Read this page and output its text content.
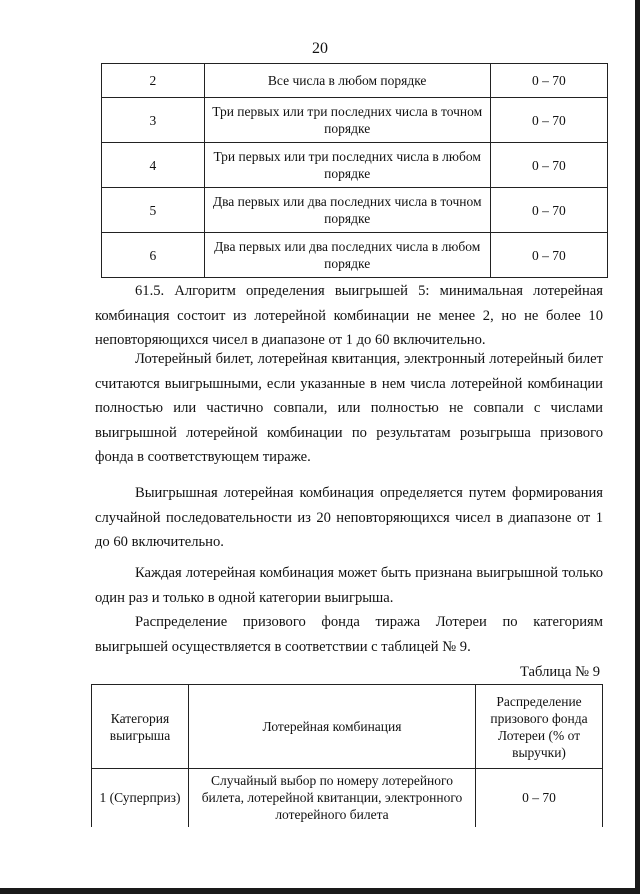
20
2	Все числа в любом порядке	0 – 70
3	Три первых или три последних числа в точном порядке	0 – 70
4	Три первых или три последних числа в любом порядке	0 – 70
5	Два первых или два последних числа в точном порядке	0 – 70
6	Два первых или два последних числа в любом порядке	0 – 70

61.5. Алгоритм определения выигрышей 5: минимальная лотерейная комбинация состоит из лотерейной комбинации не менее 2, но не более 10 неповторяющихся чисел в диапазоне от 1 до 60 включительно.

Лотерейный билет, лотерейная квитанция, электронный лотерейный билет считаются выигрышными, если указанные в нем числа лотерейной комбинации полностью или частично совпали, или полностью не совпали с числами выигрышной лотерейной комбинации по результатам розыгрыша призового фонда в соответствующем тираже.

Выигрышная лотерейная комбинация определяется путем формирования случайной последовательности из 20 неповторяющихся чисел в диапазоне от 1 до 60 включительно.

Каждая лотерейная комбинация может быть признана выигрышной только один раз и только в одной категории выигрыша.

Распределение призового фонда тиража Лотереи по категориям выигрышей осуществляется в соответствии с таблицей № 9.

Таблица № 9
Категория выигрыша	Лотерейная комбинация	Распределение призового фонда Лотереи (% от выручки)
1 (Суперприз)	Случайный выбор по номеру лотерейного билета, лотерейной квитанции, электронного лотерейного билета	0 – 70
